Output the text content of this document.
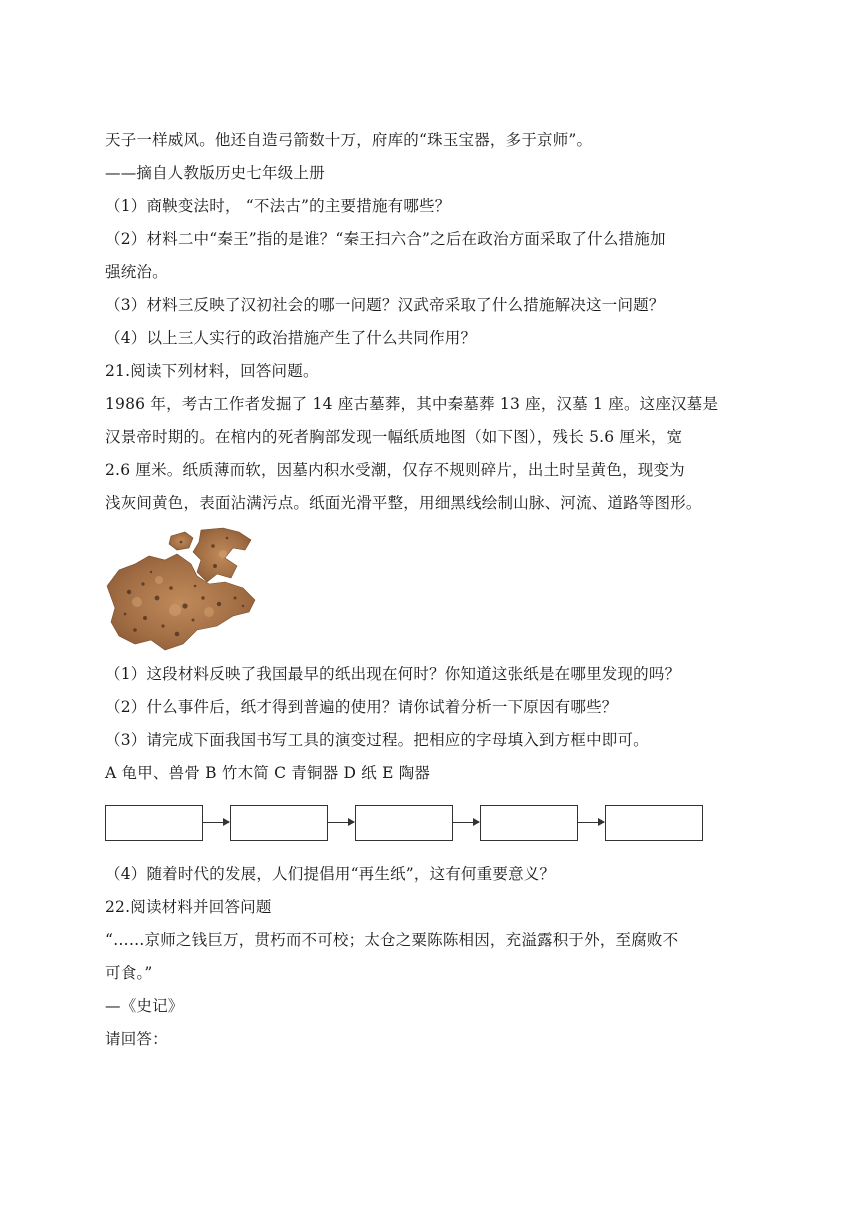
天子一样威风。他还自造弓箭数十万，府库的“珠玉宝器，多于京师”。
——摘自人教版历史七年级上册
（1）商鞅变法时， “不法古”的主要措施有哪些？
（2）材料二中“秦王”指的是谁？“秦王扫六合”之后在政治方面采取了什么措施加
强统治。
（3）材料三反映了汉初社会的哪一问题？汉武帝采取了什么措施解决这一问题？
（4）以上三人实行的政治措施产生了什么共同作用？
21.阅读下列材料，回答问题。
1986 年，考古工作者发掘了 14 座古墓葬，其中秦墓葬 13 座，汉墓 1 座。这座汉墓是
汉景帝时期的。在棺内的死者胸部发现一幅纸质地图（如下图），残长 5.6 厘米，宽
2.6 厘米。纸质薄而软，因墓内积水受潮，仅存不规则碎片，出土时呈黄色，现变为
浅灰间黄色，表面沾满污点。纸面光滑平整，用细黑线绘制山脉、河流、道路等图形。
（1）这段材料反映了我国最早的纸出现在何时？你知道这张纸是在哪里发现的吗？
（2）什么事件后，纸才得到普遍的使用？请你试着分析一下原因有哪些？
（3）请完成下面我国书写工具的演变过程。把相应的字母填入到方框中即可。
A 龟甲、兽骨 B 竹木简 C 青铜器 D 纸 E 陶器
（4）随着时代的发展，人们提倡用“再生纸”，这有何重要意义？
22.阅读材料并回答问题
“……京师之钱巨万，贯朽而不可校；太仓之粟陈陈相因，充溢露积于外，至腐败不
可食。”
—《史记》
请回答：
